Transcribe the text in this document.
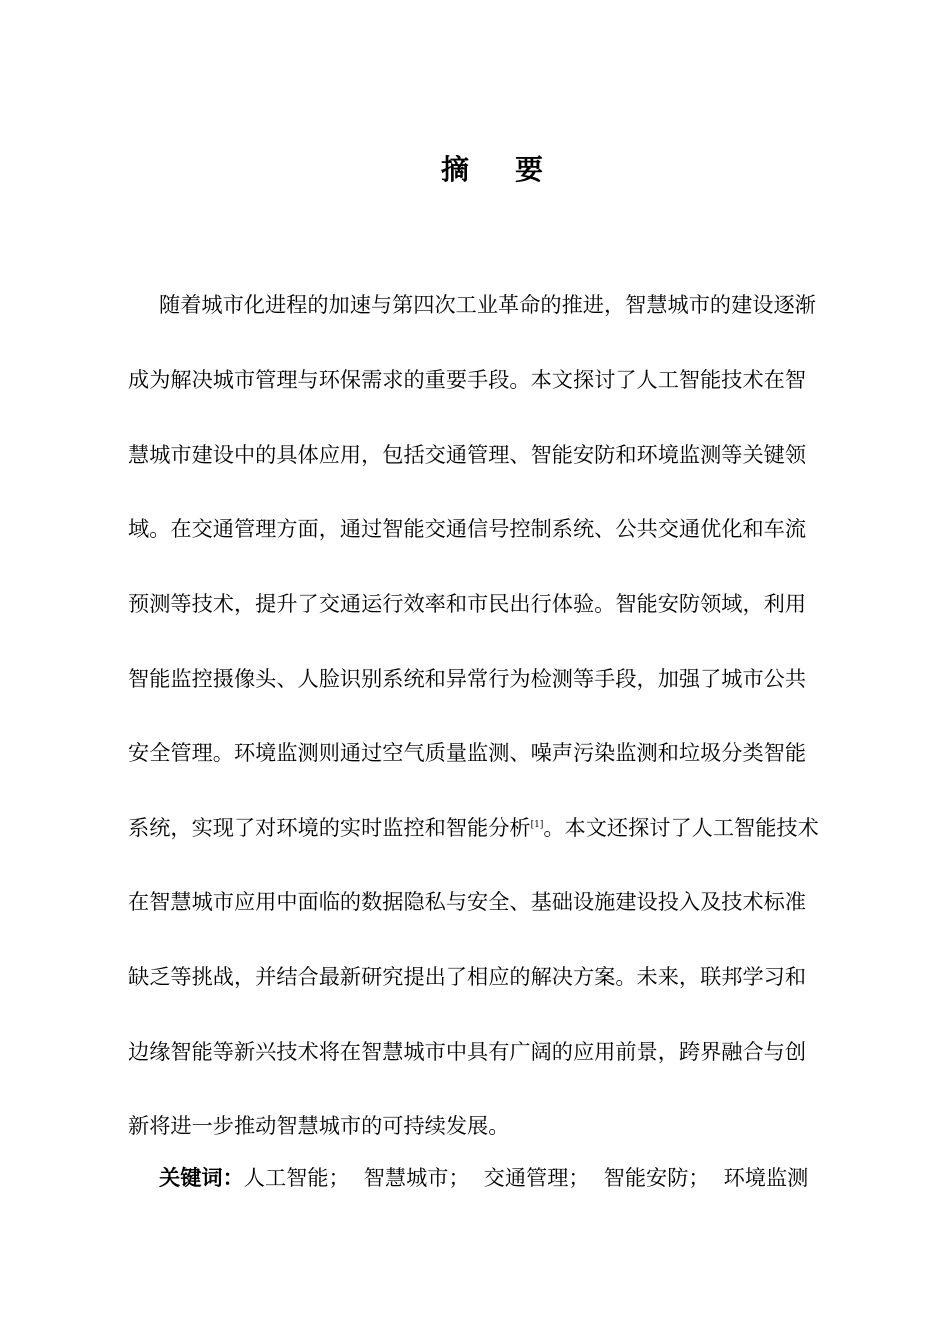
摘 要
随着城市化进程的加速与第四次工业革命的推进，智慧城市的建设逐渐
成为解决城市管理与环保需求的重要手段。本文探讨了人工智能技术在智
慧城市建设中的具体应用，包括交通管理、智能安防和环境监测等关键领
域。在交通管理方面，通过智能交通信号控制系统、公共交通优化和车流
预测等技术，提升了交通运行效率和市民出行体验。智能安防领域，利用
智能监控摄像头、人脸识别系统和异常行为检测等手段，加强了城市公共
安全管理。环境监测则通过空气质量监测、噪声污染监测和垃圾分类智能
系统，实现了对环境的实时监控和智能分析[1]。本文还探讨了人工智能技术
在智慧城市应用中面临的数据隐私与安全、基础设施建设投入及技术标准
缺乏等挑战，并结合最新研究提出了相应的解决方案。未来，联邦学习和
边缘智能等新兴技术将在智慧城市中具有广阔的应用前景，跨界融合与创
新将进一步推动智慧城市的可持续发展。
关键词：人工智能； 智慧城市； 交通管理； 智能安防； 环境监测
